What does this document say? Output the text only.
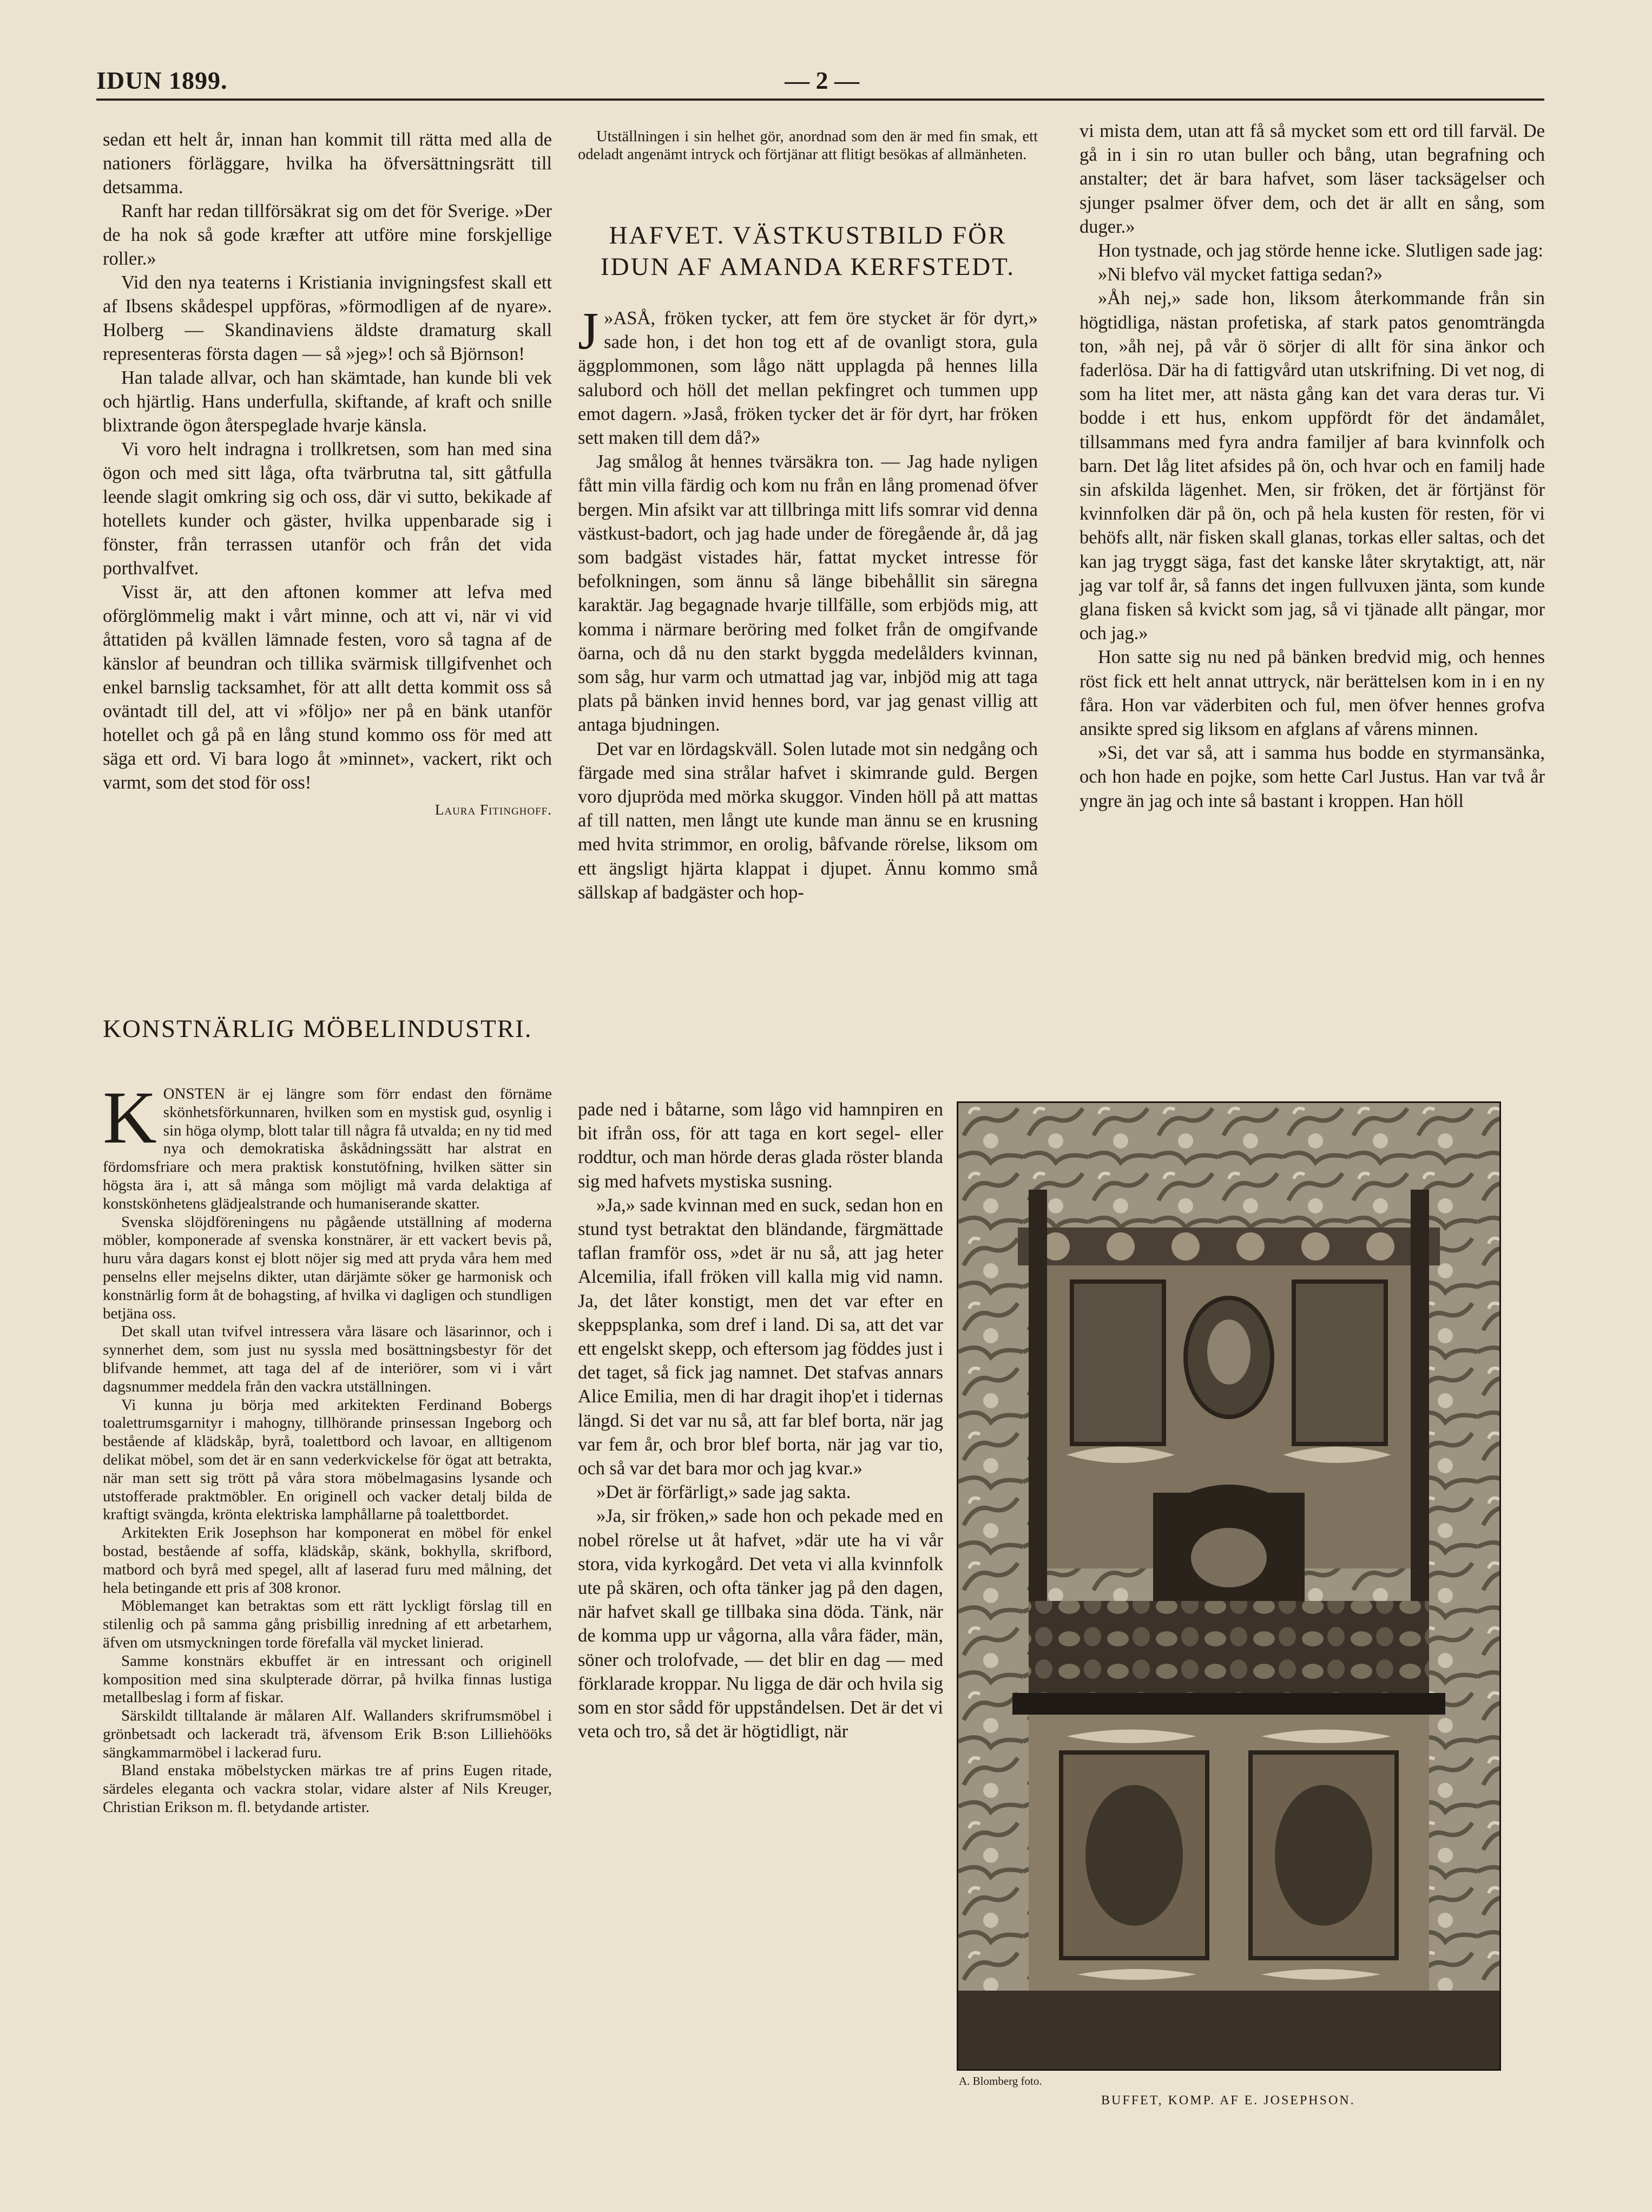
IDUN 1899.	— 2 —

sedan ett helt år, innan han kommit till rätta med alla de nationers förläggare, hvilka ha öfversättningsrätt till detsamma.

Ranft har redan tillförsäkrat sig om det för Sverige. »Der de ha nok så gode kræfter att utföre mine forskjellige roller.»

Vid den nya teaterns i Kristiania invigningsfest skall ett af Ibsens skådespel uppföras, »förmodligen af de nyare». Holberg — Skandinaviens äldste dramaturg skall representeras första dagen — så »jeg»! och så Björnson!

Han talade allvar, och han skämtade, han kunde bli vek och hjärtlig. Hans underfulla, skiftande, af kraft och snille blixtrande ögon återspeglade hvarje känsla.

Vi voro helt indragna i trollkretsen, som han med sina ögon och med sitt låga, ofta tvärbrutna tal, sitt gåtfulla leende slagit omkring sig och oss, där vi sutto, bekikade af hotellets kunder och gäster, hvilka uppenbarade sig i fönster, från terrassen utanför och från det vida porthvalfvet.

Visst är, att den aftonen kommer att lefva med oförglömmelig makt i vårt minne, och att vi, när vi vid åttatiden på kvällen lämnade festen, voro så tagna af de känslor af beundran och tillika svärmisk tillgifvenhet och enkel barnslig tacksamhet, för att allt detta kommit oss så oväntadt till del, att vi »följo» ner på en bänk utanför hotellet och gå på en lång stund kommo oss för med att säga ett ord. Vi bara logo åt »minnet», vackert, rikt och varmt, som det stod för oss!

Laura Fitinghoff.
KONSTNÄRLIG MÖBELINDUSTRI.

KONSTEN är ej längre som förr endast den förnäme skönhetsförkunnaren, hvilken som en mystisk gud, osynlig i sin höga olymp, blott talar till några få utvalda; en ny tid med nya och demokratiska åskådningssätt har alstrat en fördomsfriare och mera praktisk konstutöfning, hvilken sätter sin högsta ära i, att så många som möjligt må varda delaktiga af konstskönhetens glädjealstrande och humaniserande skatter.

Svenska slöjdföreningens nu pågående utställning af moderna möbler, komponerade af svenska konstnärer, är ett vackert bevis på, huru våra dagars konst ej blott nöjer sig med att pryda våra hem med penselns eller mejselns dikter, utan därjämte söker ge harmonisk och konstnärlig form åt de bohagsting, af hvilka vi dagligen och stundligen betjäna oss.

Det skall utan tvifvel intressera våra läsare och läsarinnor, och i synnerhet dem, som just nu sysslа med bosättningsbestyr för det blifvande hemmet, att taga del af de interiörer, som vi i vårt dagsnummer meddela från den vackra utställningen.

Vi kunna ju börja med arkitekten Ferdinand Bobergs toalettrumsgarnityr i mahogny, tillhörande prinsessan Ingeborg och bestående af klädskåp, byrå, toalettbord och lavoar, en alltigenom delikat möbel, som det är en sann vederkvickelse för ögat att betrakta, när man sett sig trött på våra stora möbelmagasins lysande och utstofferade praktmöbler. En originell och vacker detalj bilda de kraftigt svängda, krönta elektriska lamphållarne på toalettbordet.

Arkitekten Erik Josephson har komponerat en möbel för enkel bostad, bestående af soffa, klädskåp, skänk, bokhylla, skrifbord, matbord och byrå med spegel, allt af laserad furu med målning, det hela betingande ett pris af 308 kronor.

Möblemanget kan betraktas som ett rätt lyckligt förslag till en stilenlig och på samma gång prisbillig inredning af ett arbetarhem, äfven om utsmyckningen torde förefalla väl mycket linierad.

Samme konstnärs ekbuffet är en intressant och originell komposition med sina skulpterade dörrar, på hvilka finnas lustiga metallbeslag i form af fiskar.

Särskildt tilltalande är målaren Alf. Wallanders skrifrumsmöbel i grönbetsadt och lackeradt trä, äfvensom Erik B:son Lilliehööks sängkammarmöbel i lackerad furu.

Bland enstaka möbelstycken märkas tre af prins Eugen ritade, särdeles eleganta och vackra stolar, vidare alster af Nils Kreuger, Christian Erikson m. fl. betydande artister.

Utställningen i sin helhet gör, anordnad som den är med fin smak, ett odeladt angenämt intryck och förtjänar att flitigt besökas af allmänheten.

HAFVET. VÄSTKUSTBILD FÖR IDUN AF AMANDA KERFSTEDT.

»
J ASÅ, fröken tycker, att fem öre stycket är för dyrt,» sade hon, i det hon tog ett af de ovanligt stora, gula äggplommonen, som lågo nätt upplagda på hennes lilla salubord och höll det mellan pekfingret och tummen upp emot dagern. »Jaså, fröken tycker det är för dyrt, har fröken sett maken till dem då?»

Jag smålog åt hennes tvärsäkra ton. — Jag hade nyligen fått min villa färdig och kom nu från en lång promenad öfver bergen. Min afsikt var att tillbringa mitt lifs somrar vid denna västkust-badort, och jag hade under de föregående år, då jag som badgäst vistades här, fattat mycket intresse för befolkningen, som ännu så länge bibehållit sin säregna karaktär. Jag begagnade hvarje tillfälle, som erbjöds mig, att komma i närmare beröring med folket från de omgifvande öarna, och då nu den starkt byggda medelålders kvinnan, som såg, hur varm och utmattad jag var, inbjöd mig att taga plats på bänken invid hennes bord, var jag genast villig att antaga bjudningen.

Det var en lördagskväll. Solen lutade mot sin nedgång och färgade med sina strålar hafvet i skimrande guld. Bergen voro djupröda med mörka skuggor. Vinden höll på att mattas af till natten, men långt ute kunde man ännu se en krusning med hvita strimmor, en orolig, båfvande rörelse, liksom om ett ängsligt hjärta klappat i djupet. Ännu kommo små sällskap af badgäster och hop-

pade ned i båtarne, som lågo vid hamnpiren en bit ifrån oss, för att taga en kort segel- eller roddtur, och man hörde deras glada röster blanda sig med hafvets mystiska susning.

»Ja,» sade kvinnan med en suck, sedan hon en stund tyst betraktat den bländande, färgmättade taflan framför oss, »det är nu så, att jag heter Alcemilia, ifall fröken vill kalla mig vid namn. Ja, det låter konstigt, men det var efter en skeppsplanka, som dref i land. Di sa, att det var ett engelskt skepp, och eftersom jag föddes just i det taget, så fick jag namnet. Det stafvas annars Alice Emilia, men di har dragit ihop'et i tidernas längd. Si det var nu så, att far blef borta, när jag var fem år, och bror blef borta, när jag var tio, och så var det bara mor och jag kvar.»

»Det är förfärligt,» sade jag sakta.

»Ja, sir fröken,» sade hon och pekade med en nobel rörelse ut åt hafvet, »där ute ha vi vår stora, vida kyrkogård. Det veta vi alla kvinnfolk ute på skären, och ofta tänker jag på den dagen, när hafvet skall ge tillbaka sina döda. Tänk, när de komma upp ur vågorna, alla våra fäder, män, söner och trolofvade, — det blir en dag — med förklarade kroppar. Nu ligga de där och hvila sig som en stor sådd för uppståndelsen. Det är det vi veta och tro, så det är högtidligt, när

vi mista dem, utan att få så mycket som ett ord till farväl. De gå in i sin ro utan buller och bång, utan begrafning och anstalter; det är bara hafvet, som läser tacksägelser och sjunger psalmer öfver dem, och det är allt en sång, som duger.»

Hon tystnade, och jag störde henne icke. Slutligen sade jag:

»Ni blefvo väl mycket fattiga sedan?»

»Åh nej,» sade hon, liksom återkommande från sin högtidliga, nästan profetiska, af stark patos genomträngda ton, »åh nej, på vår ö sörjer di allt för sina änkor och faderlösa. Där ha di fattigvård utan utskrifning. Di vet nog, di som ha litet mer, att nästa gång kan det vara deras tur. Vi bodde i ett hus, enkom uppfördt för det ändamålet, tillsammans med fyra andra familjer af bara kvinnfolk och barn. Det låg litet afsides på ön, och hvar och en familj hade sin afskilda lägenhet. Men, sir fröken, det är förtjänst för kvinnfolken där på ön, och på hela kusten för resten, för vi behöfs allt, när fisken skall glanas, torkas eller saltas, och det kan jag tryggt säga, fast det kanske låter skrytaktigt, att, när jag var tolf år, så fanns det ingen fullvuxen jänta, som kunde glana fisken så kvickt som jag, så vi tjänade allt pängar, mor och jag.»

Hon satte sig nu ned på bänken bredvid mig, och hennes röst fick ett helt annat uttryck, när berättelsen kom in i en ny fåra. Hon var väderbiten och ful, men öfver hennes grofva ansikte spred sig liksom en afglans af vårens minnen.

»Si, det var så, att i samma hus bodde en styrmansänka, och hon hade en pojke, som hette Carl Justus. Han var två år yngre än jag och inte så bastant i kroppen. Han höll

A. Blomberg foto.
BUFFET, KOMP. AF E. JOSEPHSON.
